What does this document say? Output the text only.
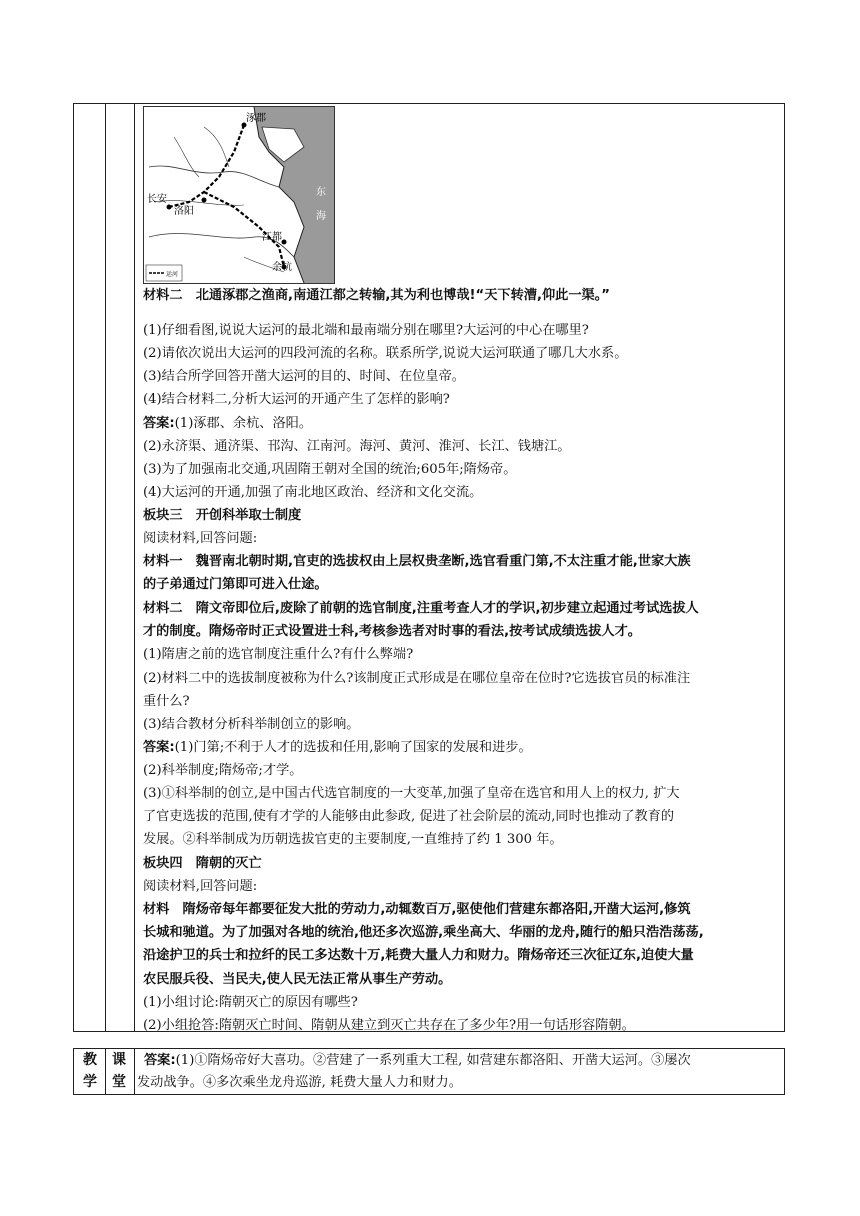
运河
涿郡
渤
海
东
海
长安
洛阳
江都
余杭
材料二　北通涿郡之渔商,南通江都之转输,其为利也博哉!“天下转漕,仰此一渠。”
(1)仔细看图,说说大运河的最北端和最南端分别在哪里?大运河的中心在哪里?
(2)请依次说出大运河的四段河流的名称。联系所学,说说大运河联通了哪几大水系。
(3)结合所学回答开凿大运河的目的、时间、在位皇帝。
(4)结合材料二,分析大运河的开通产生了怎样的影响?
答案:(1)涿郡、余杭、洛阳。
(2)永济渠、通济渠、邗沟、江南河。海河、黄河、淮河、长江、钱塘江。
(3)为了加强南北交通,巩固隋王朝对全国的统治;605年;隋炀帝。
(4)大运河的开通,加强了南北地区政治、经济和文化交流。
板块三　开创科举取士制度
阅读材料,回答问题:
材料一　魏晋南北朝时期,官吏的选拔权由上层权贵垄断,选官看重门第,不太注重才能,世家大族
的子弟通过门第即可进入仕途。
材料二　隋文帝即位后,废除了前朝的选官制度,注重考查人才的学识,初步建立起通过考试选拔人
才的制度。隋炀帝时正式设置进士科,考核参选者对时事的看法,按考试成绩选拔人才。
(1)隋唐之前的选官制度注重什么?有什么弊端?
(2)材料二中的选拔制度被称为什么?该制度正式形成是在哪位皇帝在位时?它选拔官员的标准注
重什么?
(3)结合教材分析科举制创立的影响。
答案:(1)门第;不利于人才的选拔和任用,影响了国家的发展和进步。
(2)科举制度;隋炀帝;才学。
(3)①科举制的创立,是中国古代选官制度的一大变革,加强了皇帝在选官和用人上的权力, 扩大
了官吏选拔的范围,使有才学的人能够由此参政, 促进了社会阶层的流动,同时也推动了教育的
发展。②科举制成为历朝选拔官吏的主要制度,一直维持了约 1 300 年。
板块四　隋朝的灭亡
阅读材料,回答问题:
材料　隋炀帝每年都要征发大批的劳动力,动辄数百万,驱使他们营建东都洛阳,开凿大运河,修筑
长城和驰道。为了加强对各地的统治,他还多次巡游,乘坐高大、华丽的龙舟,随行的船只浩浩荡荡,
沿途护卫的兵士和拉纤的民工多达数十万,耗费大量人力和财力。隋炀帝还三次征辽东,迫使大量
农民服兵役、当民夫,使人民无法正常从事生产劳动。
(1)小组讨论:隋朝灭亡的原因有哪些?
(2)小组抢答:隋朝灭亡时间、隋朝从建立到灭亡共存在了多少年?用一句话形容隋朝。
教
学
课
堂
答案:(1)①隋炀帝好大喜功。②营建了一系列重大工程, 如营建东都洛阳、开凿大运河。③屡次
发动战争。④多次乘坐龙舟巡游, 耗费大量人力和财力。
